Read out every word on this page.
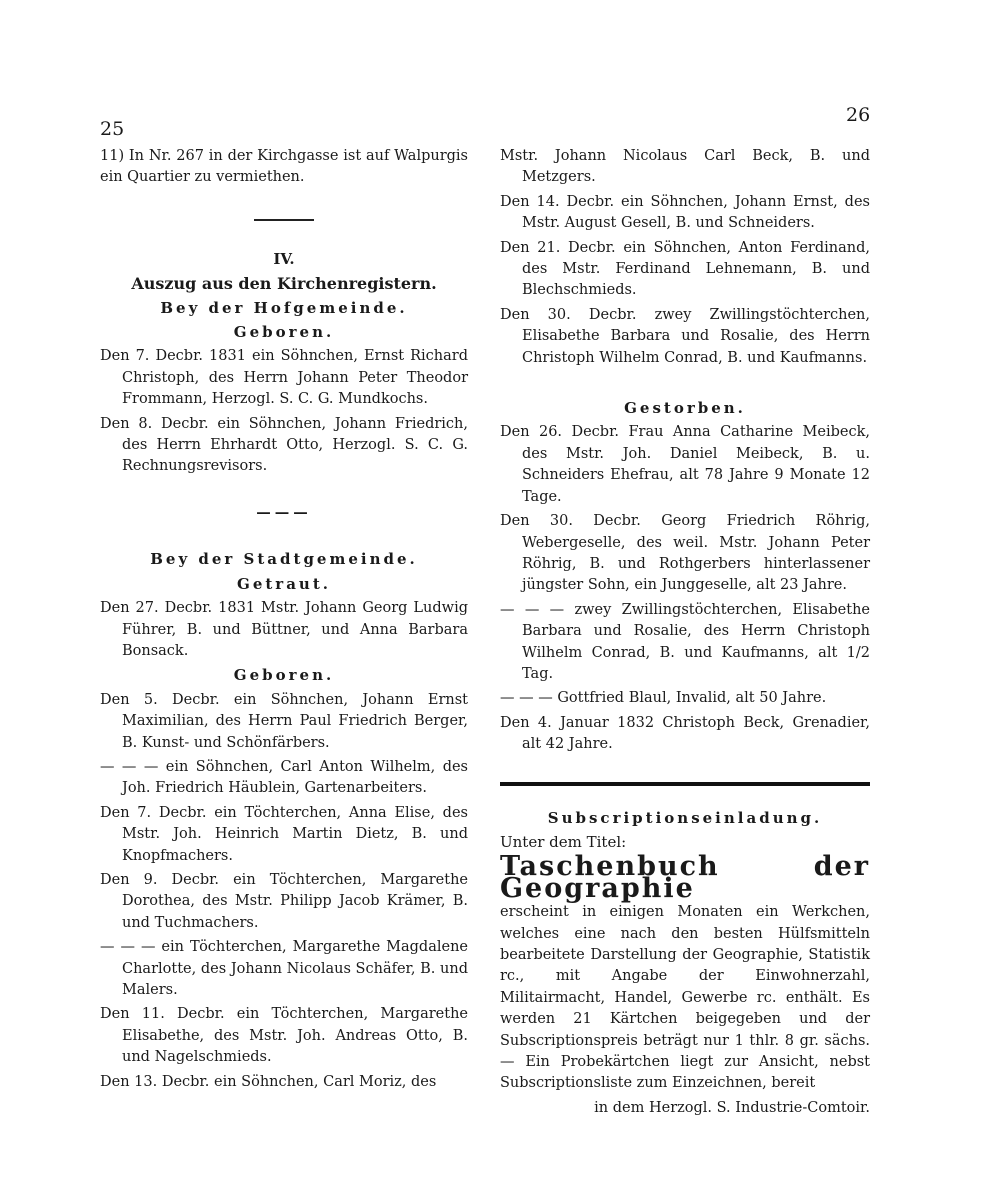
25

11) In Nr. 267 in der Kirchgasse ist auf Walpurgis ein Quartier zu vermiethen.

IV.

Auszug aus den Kirchenregistern.

Bey der Hofgemeinde.

Geboren.

Den 7. Decbr. 1831 ein Söhnchen, Ernst Richard Christoph, des Herrn Johann Peter Theodor Frommann, Herzogl. S. C. G. Mundkochs.

Den 8. Decbr. ein Söhnchen, Johann Friedrich, des Herrn Ehrhardt Otto, Herzogl. S. C. G. Rechnungsrevisors.

———

Bey der Stadtgemeinde.

Getraut.

Den 27. Decbr. 1831 Mstr. Johann Georg Ludwig Führer, B. und Büttner, und Anna Barbara Bonsack.

Geboren.

Den 5. Decbr. ein Söhnchen, Johann Ernst Maximilian, des Herrn Paul Friedrich Berger, B. Kunst- und Schönfärbers.

— — — ein Söhnchen, Carl Anton Wilhelm, des Joh. Friedrich Häublein, Gartenarbeiters.

Den 7. Decbr. ein Töchterchen, Anna Elise, des Mstr. Joh. Heinrich Martin Dietz, B. und Knopfmachers.

Den 9. Decbr. ein Töchterchen, Margarethe Dorothea, des Mstr. Philipp Jacob Krämer, B. und Tuchmachers.

— — — ein Töchterchen, Margarethe Magdalene Charlotte, des Johann Nicolaus Schäfer, B. und Malers.

Den 11. Decbr. ein Töchterchen, Margarethe Elisabethe, des Mstr. Joh. Andreas Otto, B. und Nagelschmieds.

Den 13. Decbr. ein Söhnchen, Carl Moriz, des

26

Mstr. Johann Nicolaus Carl Beck, B. und Metzgers.

Den 14. Decbr. ein Söhnchen, Johann Ernst, des Mstr. August Gesell, B. und Schneiders.

Den 21. Decbr. ein Söhnchen, Anton Ferdinand, des Mstr. Ferdinand Lehnemann, B. und Blechschmieds.

Den 30. Decbr. zwey Zwillingstöchterchen, Elisabethe Barbara und Rosalie, des Herrn Christoph Wilhelm Conrad, B. und Kaufmanns.

Gestorben.

Den 26. Decbr. Frau Anna Catharine Meibeck, des Mstr. Joh. Daniel Meibeck, B. u. Schneiders Ehefrau, alt 78 Jahre 9 Monate 12 Tage.

Den 30. Decbr. Georg Friedrich Röhrig, Webergeselle, des weil. Mstr. Johann Peter Röhrig, B. und Rothgerbers hinterlassener jüngster Sohn, ein Junggeselle, alt 23 Jahre.

— — — zwey Zwillingstöchterchen, Elisabethe Barbara und Rosalie, des Herrn Christoph Wilhelm Conrad, B. und Kaufmanns, alt 1/2 Tag.

— — — Gottfried Blaul, Invalid, alt 50 Jahre.

Den 4. Januar 1832 Christoph Beck, Grenadier, alt 42 Jahre.

Subscriptionseinladung.

Unter dem Titel:

Taschenbuch der Geographie

erscheint in einigen Monaten ein Werkchen, welches eine nach den besten Hülfsmitteln bearbeitete Darstellung der Geographie, Statistik rc., mit Angabe der Einwohnerzahl, Militairmacht, Handel, Gewerbe rc. enthält. Es werden 21 Kärtchen beigegeben und der Subscriptionspreis beträgt nur 1 thlr. 8 gr. sächs. — Ein Probekärtchen liegt zur Ansicht, nebst Subscriptionsliste zum Einzeichnen, bereit

in dem Herzogl. S. Industrie-Comtoir.
